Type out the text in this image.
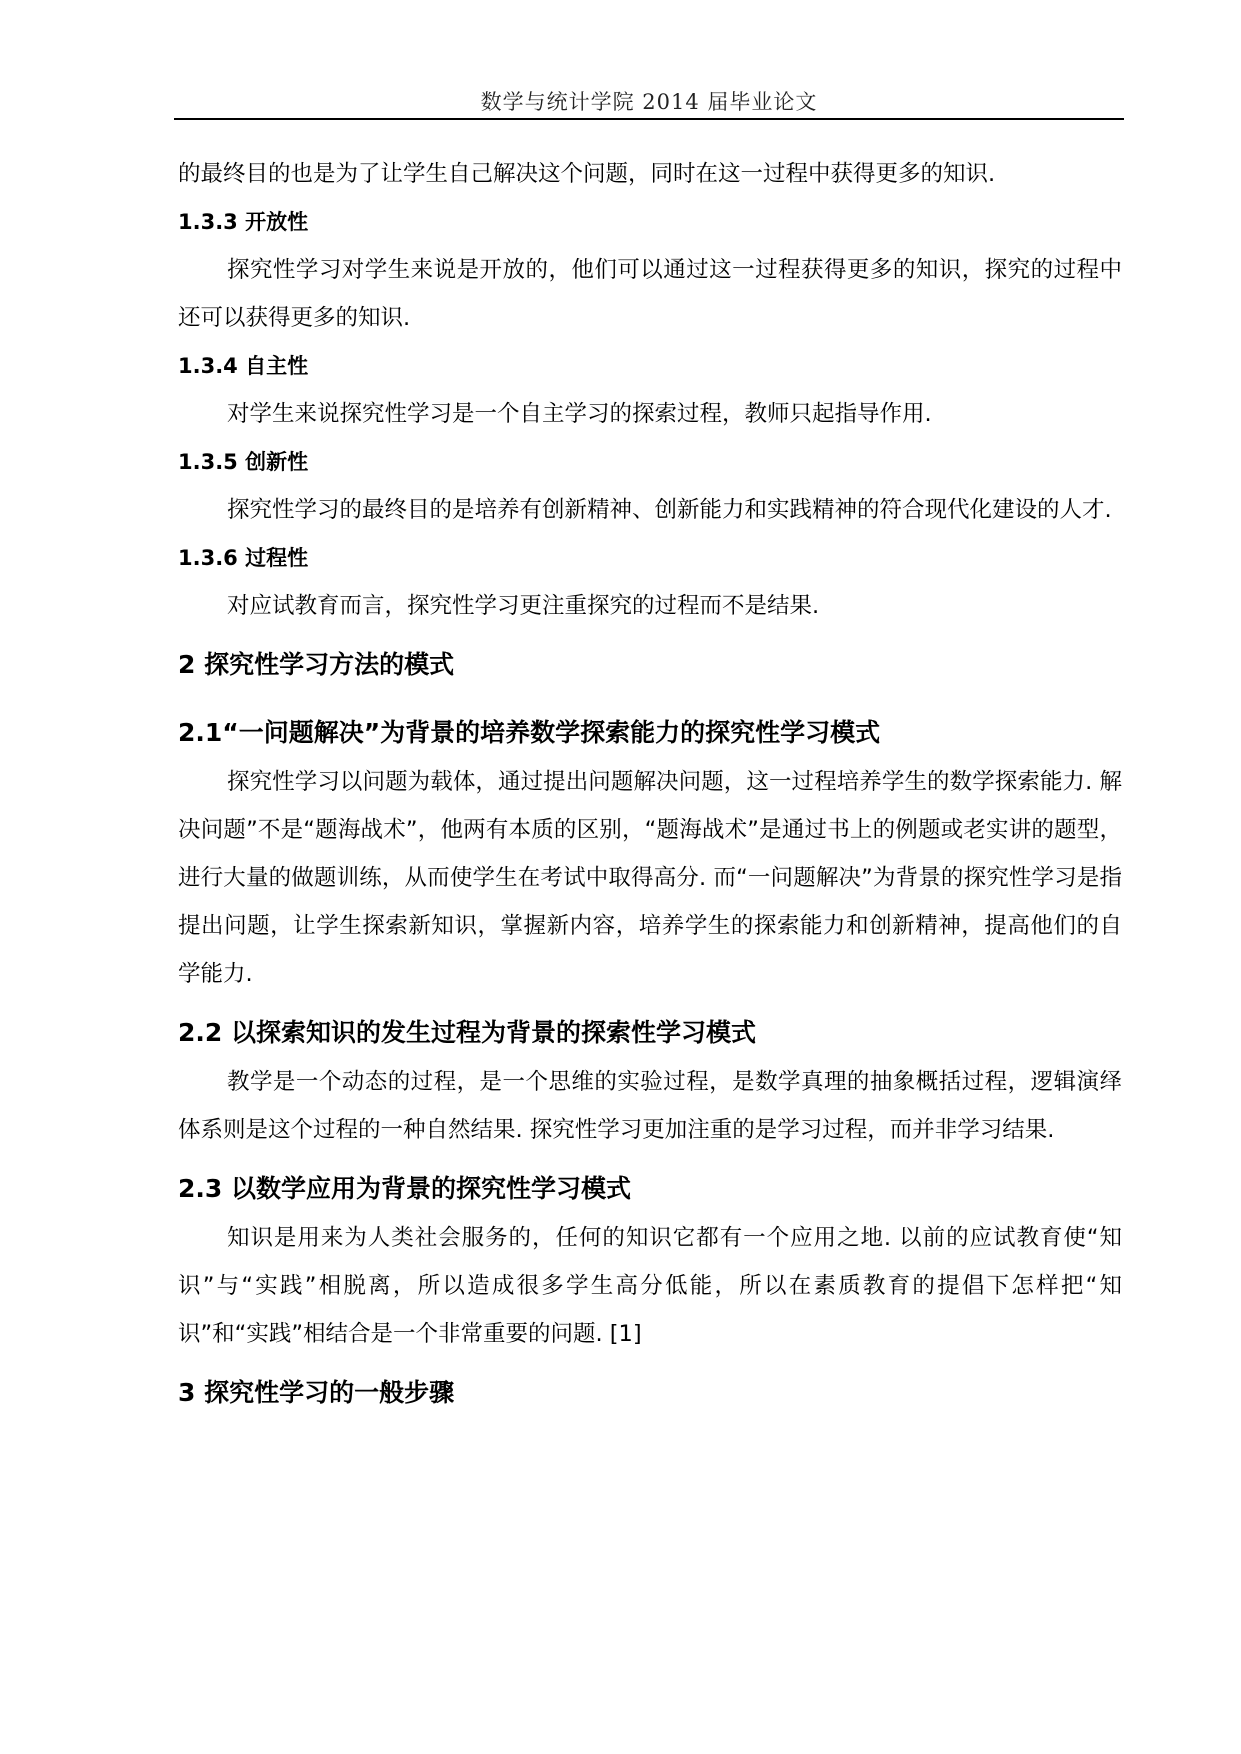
数学与统计学院 2014 届毕业论文

的最终目的也是为了让学生自己解决这个问题，同时在这一过程中获得更多的知识.

1.3.3 开放性

探究性学习对学生来说是开放的，他们可以通过这一过程获得更多的知识，探究的过程中还可以获得更多的知识.

1.3.4 自主性

对学生来说探究性学习是一个自主学习的探索过程，教师只起指导作用.

1.3.5 创新性

探究性学习的最终目的是培养有创新精神、创新能力和实践精神的符合现代化建设的人才.

1.3.6 过程性

对应试教育而言，探究性学习更注重探究的过程而不是结果.

2 探究性学习方法的模式
2.1“一问题解决”为背景的培养数学探索能力的探究性学习模式

探究性学习以问题为载体，通过提出问题解决问题，这一过程培养学生的数学探索能力. 解决问题”不是“题海战术”，他两有本质的区别，“题海战术”是通过书上的例题或老实讲的题型，进行大量的做题训练，从而使学生在考试中取得高分. 而“一问题解决”为背景的探究性学习是指提出问题，让学生探索新知识，掌握新内容，培养学生的探索能力和创新精神，提高他们的自学能力.

2.2 以探索知识的发生过程为背景的探索性学习模式

教学是一个动态的过程，是一个思维的实验过程，是数学真理的抽象概括过程，逻辑演绎体系则是这个过程的一种自然结果. 探究性学习更加注重的是学习过程，而并非学习结果.

2.3 以数学应用为背景的探究性学习模式

知识是用来为人类社会服务的，任何的知识它都有一个应用之地. 以前的应试教育使“知识”与“实践”相脱离，所以造成很多学生高分低能，所以在素质教育的提倡下怎样把“知识”和“实践”相结合是一个非常重要的问题. [1]

3 探究性学习的一般步骤
